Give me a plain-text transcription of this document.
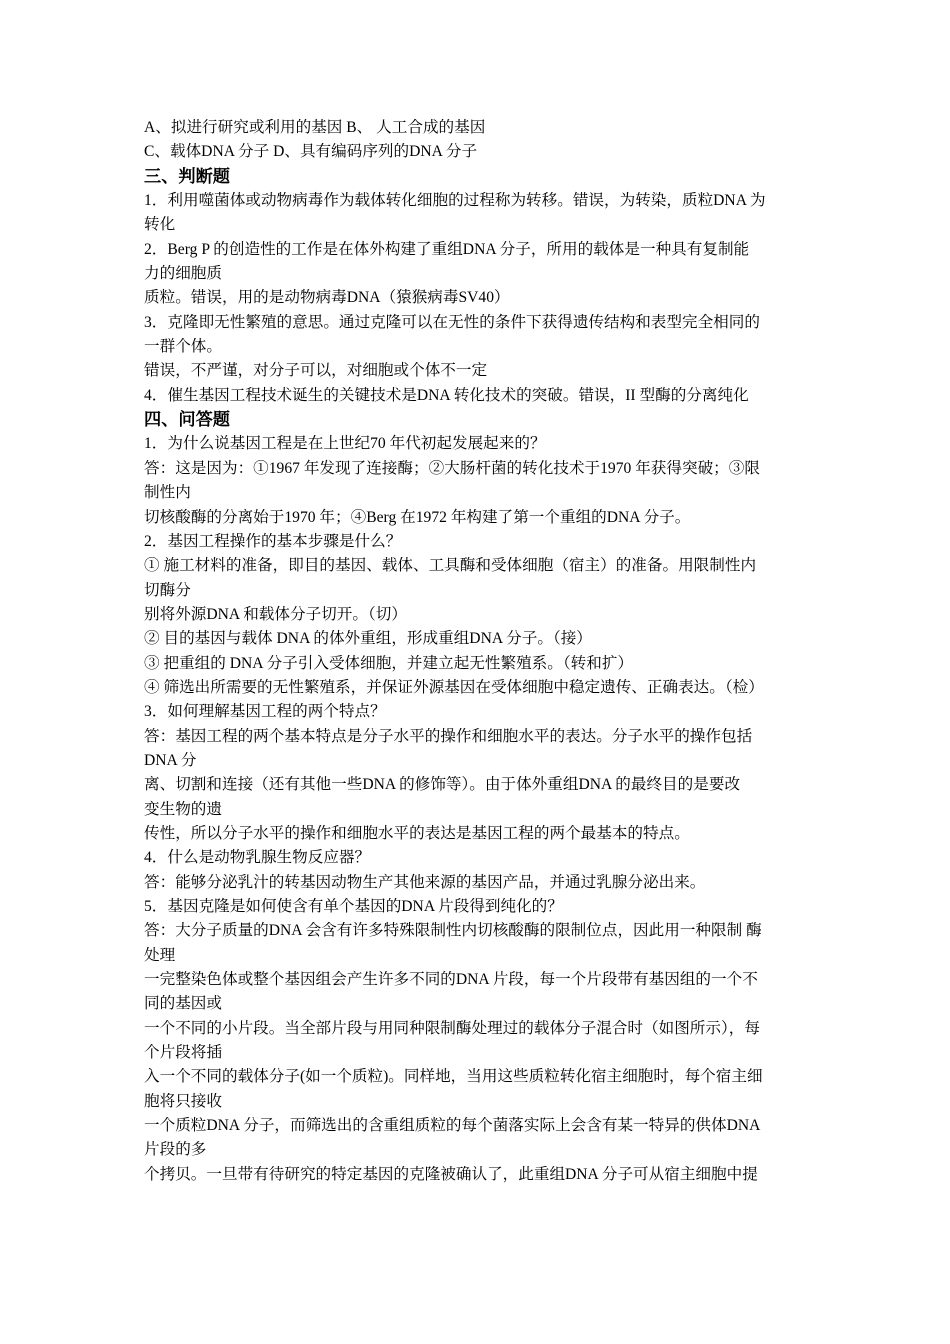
A、拟进行研究或利用的基因 B、 人工合成的基因
C、载体DNA 分子 D、具有编码序列的DNA 分子
三、判断题
1．利用噬菌体或动物病毒作为载体转化细胞的过程称为转移。错误，为转染，质粒DNA 为
转化
2．Berg P 的创造性的工作是在体外构建了重组DNA 分子，所用的载体是一种具有复制能
力的细胞质
质粒。错误，用的是动物病毒DNA（猿猴病毒SV40）
3．克隆即无性繁殖的意思。通过克隆可以在无性的条件下获得遗传结构和表型完全相同的
一群个体。
错误，不严谨，对分子可以，对细胞或个体不一定
4．催生基因工程技术诞生的关键技术是DNA 转化技术的突破。错误，II 型酶的分离纯化
四、问答题
1．为什么说基因工程是在上世纪70 年代初起发展起来的？
答：这是因为：①1967 年发现了连接酶；②大肠杆菌的转化技术于1970 年获得突破；③限
制性内
切核酸酶的分离始于1970 年；④Berg 在1972 年构建了第一个重组的DNA 分子。
2．基因工程操作的基本步骤是什么？
① 施工材料的准备，即目的基因、载体、工具酶和受体细胞（宿主）的准备。用限制性内
切酶分
别将外源DNA 和载体分子切开。（切）
② 目的基因与载体 DNA 的体外重组，形成重组DNA 分子。（接）
③ 把重组的 DNA 分子引入受体细胞，并建立起无性繁殖系。（转和扩）
④ 筛选出所需要的无性繁殖系，并保证外源基因在受体细胞中稳定遗传、正确表达。（检）
3．如何理解基因工程的两个特点？
答：基因工程的两个基本特点是分子水平的操作和细胞水平的表达。分子水平的操作包括
DNA 分
离、切割和连接（还有其他一些DNA 的修饰等）。由于体外重组DNA 的最终目的是要改
变生物的遗
传性，所以分子水平的操作和细胞水平的表达是基因工程的两个最基本的特点。
4．什么是动物乳腺生物反应器？
答：能够分泌乳汁的转基因动物生产其他来源的基因产品，并通过乳腺分泌出来。
5．基因克隆是如何使含有单个基因的DNA 片段得到纯化的？
答：大分子质量的DNA 会含有许多特殊限制性内切核酸酶的限制位点，因此用一种限制 酶
处理
一完整染色体或整个基因组会产生许多不同的DNA 片段，每一个片段带有基因组的一个不
同的基因或
一个不同的小片段。当全部片段与用同种限制酶处理过的载体分子混合时（如图所示），每
个片段将插
入一个不同的载体分子(如一个质粒)。同样地，当用这些质粒转化宿主细胞时，每个宿主细
胞将只接收
一个质粒DNA 分子，而筛选出的含重组质粒的每个菌落实际上会含有某一特异的供体DNA
片段的多
个拷贝。一旦带有待研究的特定基因的克隆被确认了，此重组DNA 分子可从宿主细胞中提
